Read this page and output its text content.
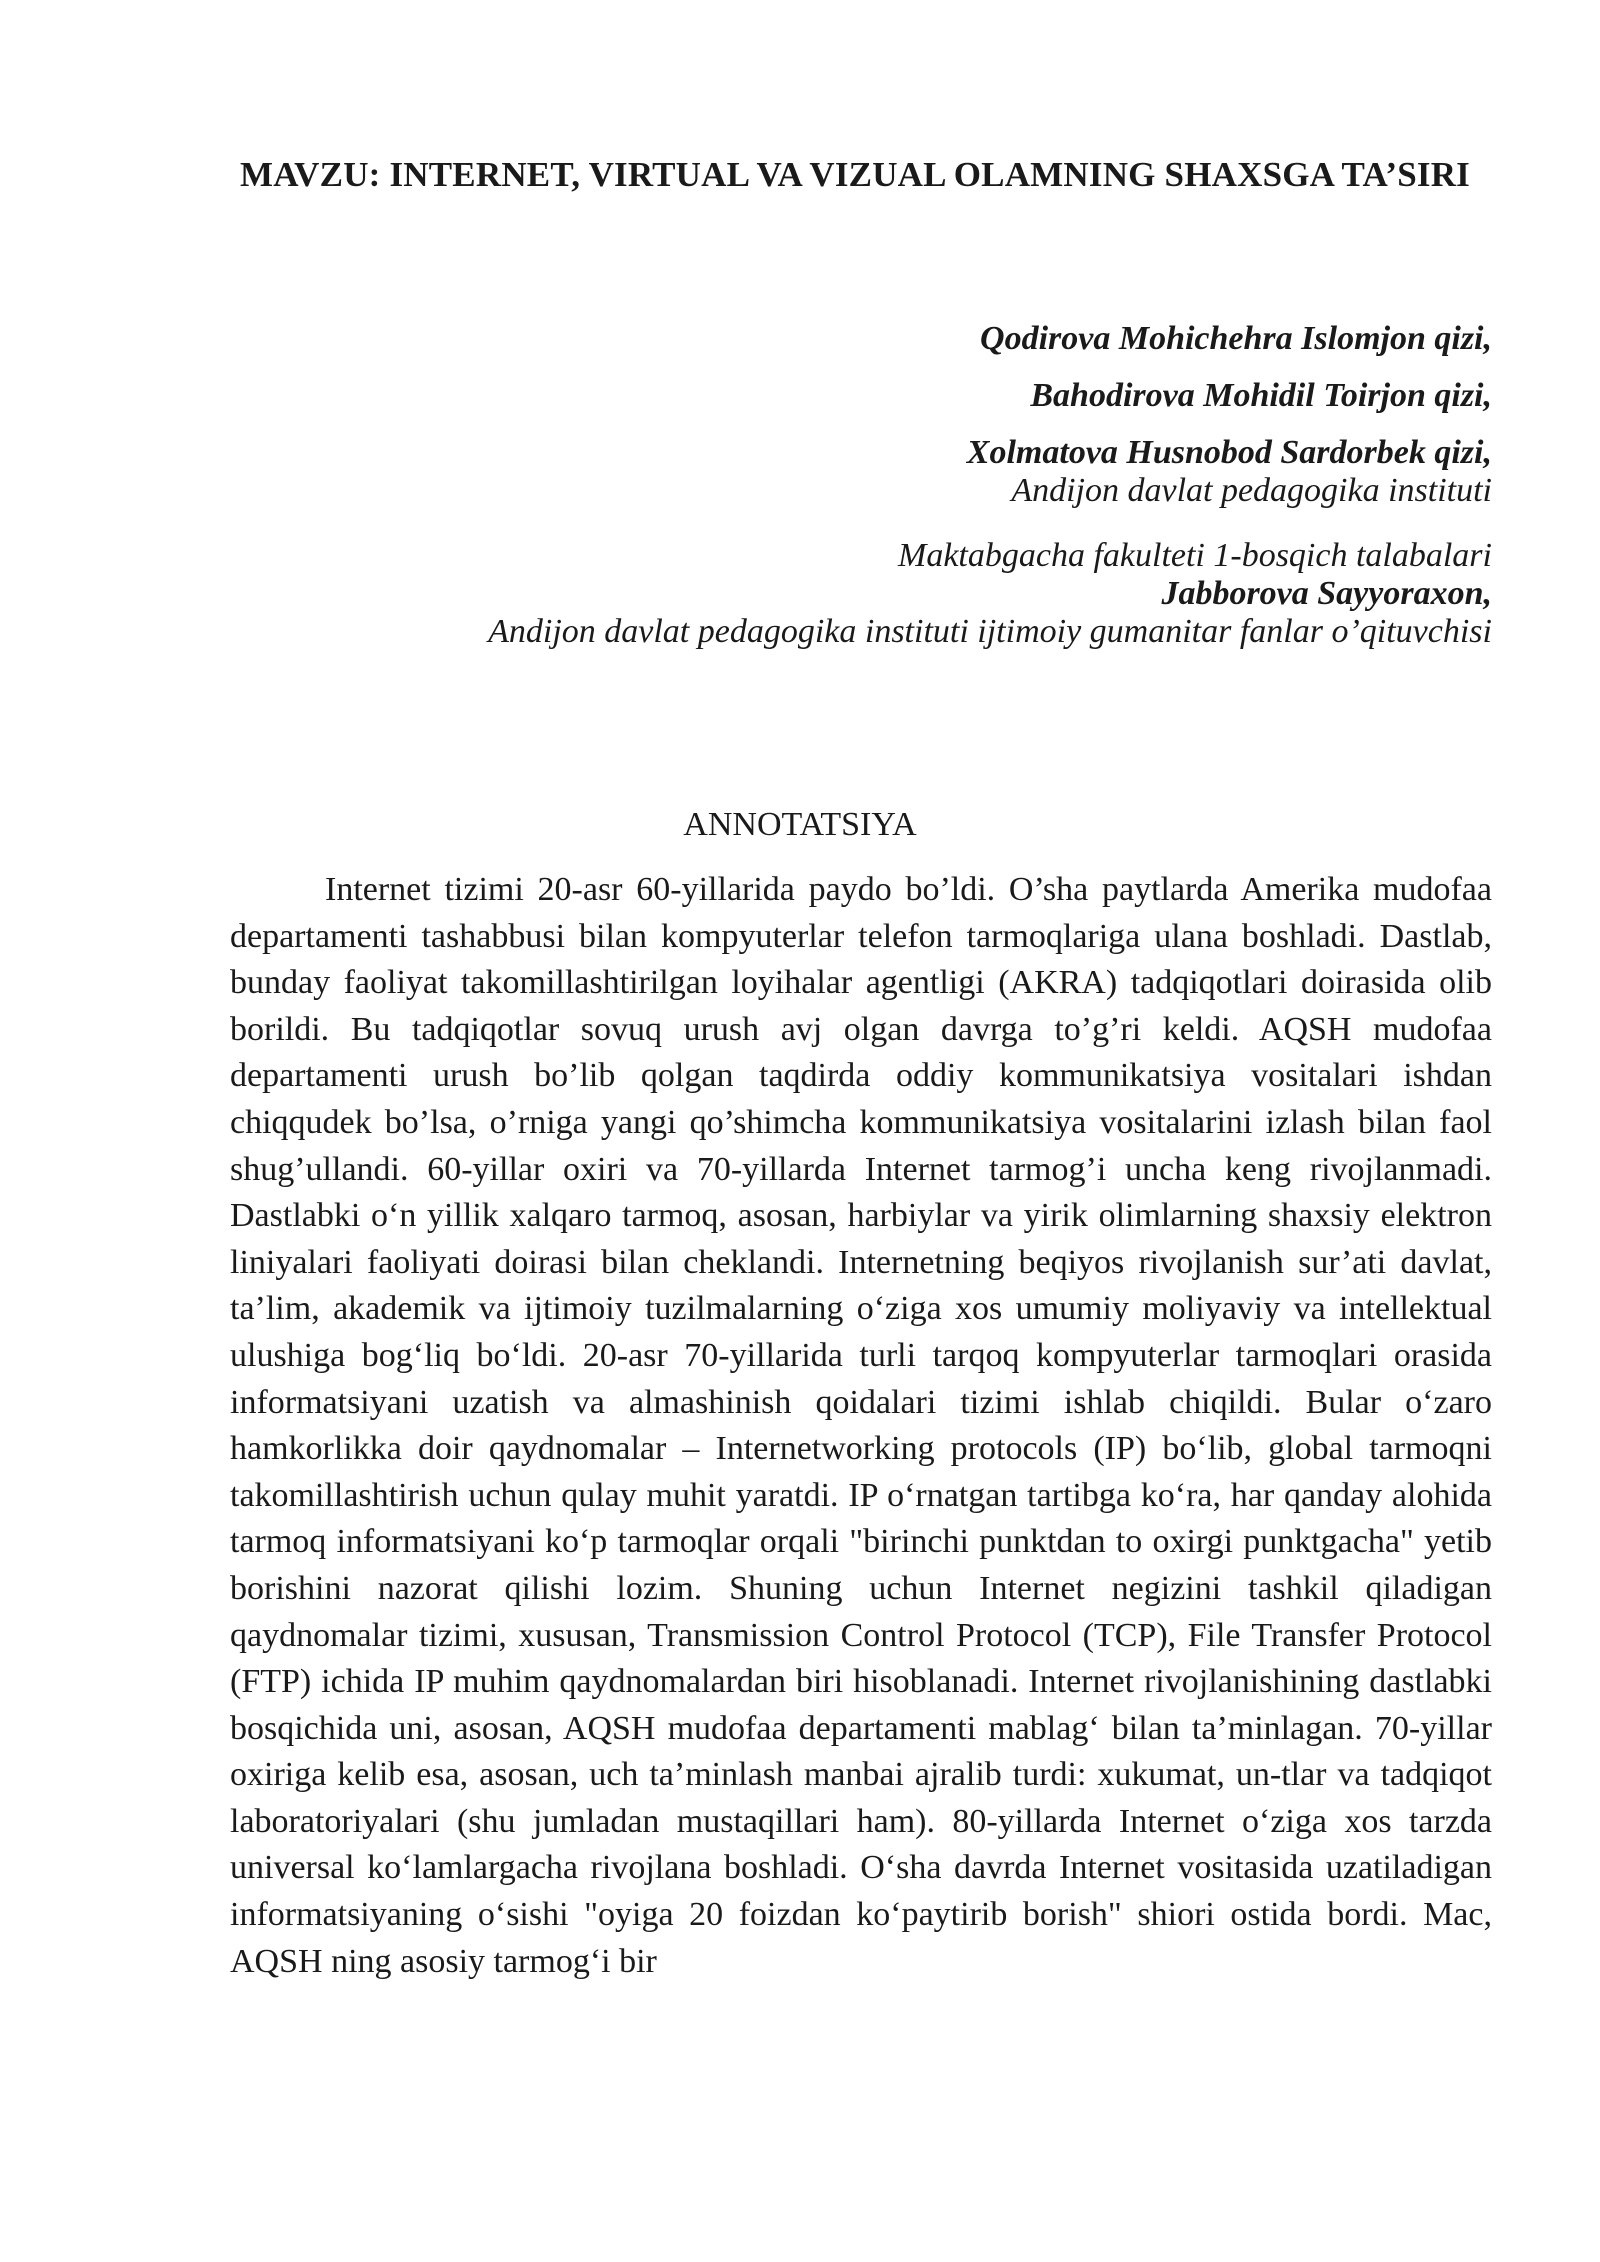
MAVZU: INTERNET, VIRTUAL VA VIZUAL OLAMNING SHAXSGA TA’SIRI
Qodirova Mohichehra Islomjon qizi,
Bahodirova Mohidil Toirjon qizi,
Xolmatova Husnobod Sardorbek qizi,
Andijon davlat pedagogika instituti
Maktabgacha fakulteti 1-bosqich talabalari
Jabborova Sayyoraxon,
Andijon davlat pedagogika instituti ijtimoiy gumanitar fanlar o’qituvchisi
ANNOTATSIYA

Internet tizimi 20-asr 60-yillarida paydo bo’ldi. O’sha paytlarda Amerika mudofaa departamenti tashabbusi bilan kompyuterlar telefon tarmoqlariga ulana boshladi. Dastlab, bunday faoliyat takomillashtirilgan loyihalar agentligi (AKRA) tadqiqotlari doirasida olib borildi. Bu tadqiqotlar sovuq urush avj olgan davrga to’g’ri keldi. AQSH mudofaa departamenti urush bo’lib qolgan taqdirda oddiy kommunikatsiya vositalari ishdan chiqqudek bo’lsa, o’rniga yangi qo’shimcha kommunikatsiya vositalarini izlash bilan faol shug’ullandi. 60-yillar oxiri va 70-yillarda Internet tarmog’i uncha keng rivojlanmadi. Dastlabki o‘n yillik xalqaro tarmoq, asosan, harbiylar va yirik olimlarning shaxsiy elektron liniyalari faoliyati doirasi bilan cheklandi. Internetning beqiyos rivojlanish sur’ati davlat, ta’lim, akademik va ijtimoiy tuzilmalarning o‘ziga xos umumiy moliyaviy va intellektual ulushiga bog‘liq bo‘ldi. 20-asr 70-yillarida turli tarqoq kompyuterlar tarmoqlari orasida informatsiyani uzatish va almashinish qoidalari tizimi ishlab chiqildi. Bular o‘zaro hamkorlikka doir qaydnomalar – Internetworking protocols (IP) bo‘lib, global tarmoqni takomillashtirish uchun qulay muhit yaratdi. IP o‘rnatgan tartibga ko‘ra, har qanday alohida tarmoq informatsiyani ko‘p tarmoqlar orqali "birinchi punktdan to oxirgi punktgacha" yetib borishini nazorat qilishi lozim. Shuning uchun Internet negizini tashkil qiladigan qaydnomalar tizimi, xususan, Transmission Control Protocol (TCP), File Transfer Protocol (FTP) ichida IP muhim qaydnomalardan biri hisoblanadi. Internet rivojlanishining dastlabki bosqichida uni, asosan, AQSH mudofaa departamenti mablag‘ bilan ta’minlagan. 70-yillar oxiriga kelib esa, asosan, uch ta’minlash manbai ajralib turdi: xukumat, un-tlar va tadqiqot laboratoriyalari (shu jumladan mustaqillari ham). 80-yillarda Internet o‘ziga xos tarzda universal ko‘lamlargacha rivojlana boshladi. O‘sha davrda Internet vositasida uzatiladigan informatsiyaning o‘sishi "oyiga 20 foizdan ko‘paytirib borish" shiori ostida bordi. Mac, AQSH ning asosiy tarmog‘i bir
